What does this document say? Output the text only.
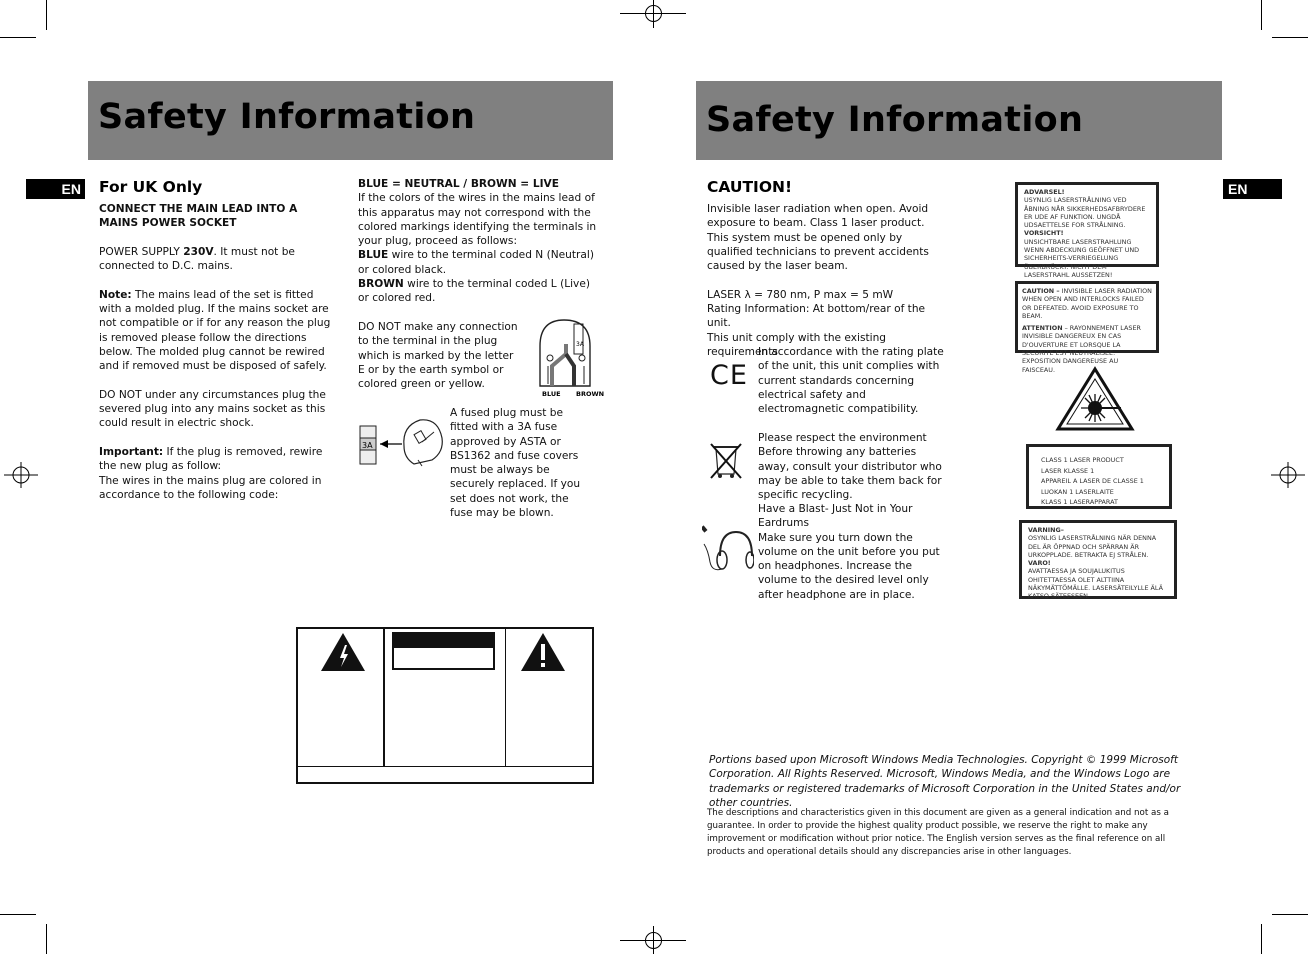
Safety Information	Safety Information
EN	EN
For UK Only

CONNECT THE MAIN LEAD INTO A MAINS POWER SOCKET

POWER SUPPLY 230V. It must not be connected to D.C. mains.

Note: The mains lead of the set is fitted with a molded plug. If the mains socket are not compatible or if for any reason the plug is removed please follow the directions below. The molded plug cannot be rewired and if removed must be disposed of safely.

DO NOT under any circumstances plug the severed plug into any mains socket as this could result in electric shock.

Important: If the plug is removed, rewire the new plug as follow:

The wires in the mains plug are colored in accordance to the following code:

BLUE = NEUTRAL / BROWN = LIVE

If the colors of the wires in the mains lead of this apparatus may not correspond with the colored markings identifying the terminals in your plug, proceed as follows:

BLUE wire to the terminal coded N (Neutral) or colored black.

BROWN wire to the terminal coded L (Live) or colored red.

DO NOT make any connection to the terminal in the plug which is marked by the letter E or by the earth symbol or colored green or yellow.
3A
BLUE BROWN
3A
A fused plug must be fitted with a 3A fuse approved by ASTA or BS1362 and fuse covers must be always be securely replaced. If you set does not work, the fuse may be blown.
CAUTION!

Invisible laser radiation when open. Avoid exposure to beam. Class 1 laser product. This system must be opened only by qualified technicians to prevent accidents caused by the laser beam.

LASER λ = 780 nm, P max = 5 mW

Rating Information: At bottom/rear of the unit.

This unit comply with the existing requirements

CE
In accordance with the rating plate of the unit, this unit complies with current standards concerning electrical safety and electromagnetic compatibility.
Please respect the environment Before throwing any batteries away, consult your distributor who may be able to take them back for specific recycling.

Have a Blast- Just Not in Your Eardrums

Make sure you turn down the volume on the unit before you put on headphones. Increase the volume to the desired level only after headphone are in place.

ADVARSEL!

USYNLIG LASERSTRÅLNING VED ÅBNING NÅR SIKKERHEDSAFBRYDERE ER UDE AF FUNKTION. UNGDÅ UDSAETTELSE FOR STRÅLNING.

VORSICHT!

UNSICHTBARE LASERSTRAHLUNG WENN ABDECKUNG GEÖFFNET UND SICHERHEITS-VERRIEGELUNG ÜBERBRÜCKT. NICHT DEM LASERSTRAHL AUSSETZEN!

CAUTION – INVISIBLE LASER RADIATION WHEN OPEN AND INTERLOCKS FAILED OR DEFEATED. AVOID EXPOSURE TO BEAM.

ATTENTION – RAYONNEMENT LASER INVISIBLE DANGEREUX EN CAS D'OUVERTURE ET LORSQUE LA SECURITE EST NEUTRALISEE. EXPOSITION DANGEREUSE AU FAISCEAU.

CLASS 1 LASER PRODUCT

LASER KLASSE 1

APPAREIL A LASER DE CLASSE 1

LUOKAN 1 LASERLAITE

KLASS 1 LASERAPPARAT

VARNING–

OSYNLIG LASERSTRÅLNING NÄR DENNA DEL ÄR ÖPPNAD OCH SPÄRRAN ÄR URKOPPLADE. BETRAKTA EJ STRÅLEN.

VARO!

AVATTAESSA JA SOUJALUKITUS OHITETTAESSA OLET ALTTIINA NÄKYMÄTTÖMÄLLE. LASERSÄTEILYLLE ÄLÄ KATSO SÄTEESEEN.

Portions based upon Microsoft Windows Media Technologies. Copyright © 1999 Microsoft Corporation. All Rights Reserved. Microsoft, Windows Media, and the Windows Logo are trademarks or registered trademarks of Microsoft Corporation in the United States and/or other countries.
The descriptions and characteristics given in this document are given as a general indication and not as a guarantee. In order to provide the highest quality product possible, we reserve the right to make any improvement or modification without prior notice. The English version serves as the final reference on all products and operational details should any discrepancies arise in other languages.
